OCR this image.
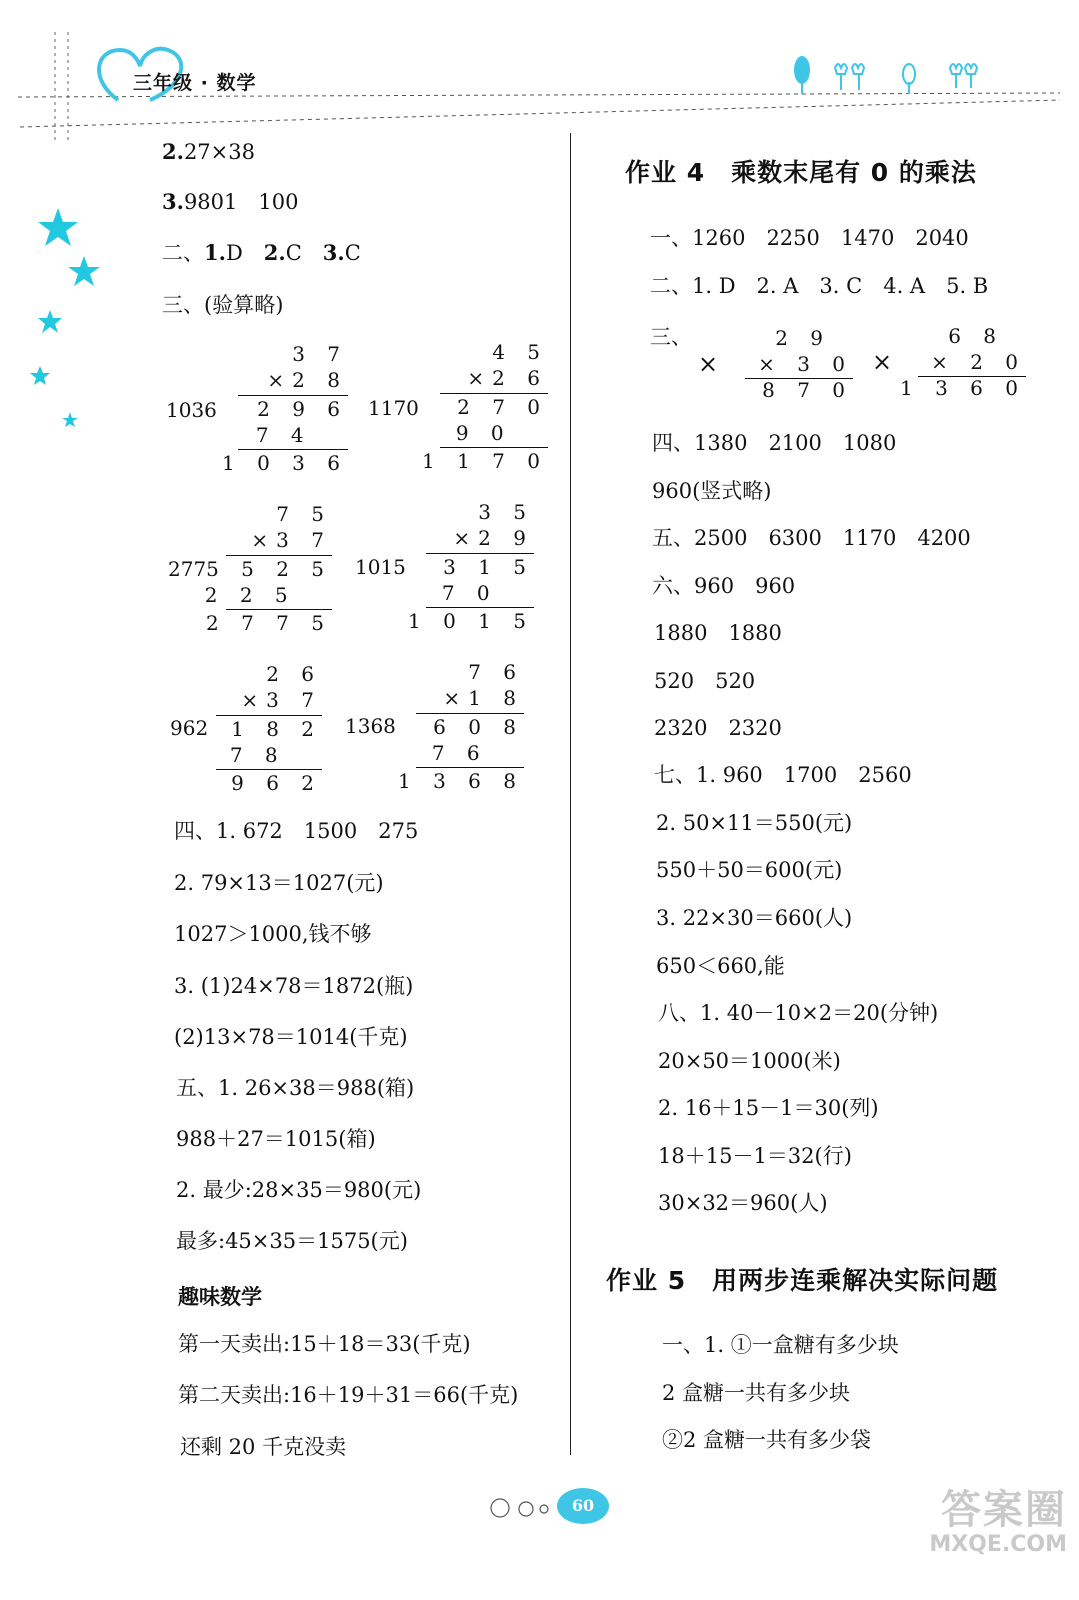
三年级 · 数学
2.27×38
3.9801　100
二、1.D　2.C　3.C
三、(验算略)
1036
3 7
×2 8
2 9 6
7 4
1 0 3 6
1170
4 5
×2 6
2 7 0
9 0
1 1 7 0
2775
7 5
×3 7
5 2 5
2 2 5
2 7 7 5
1015
3 5
×2 9
3 1 5
7 0
1 0 1 5
962
2 6
×3 7
1 8 2
7 8
9 6 2
1368
7 6
×1 8
6 0 8
7 6
1 3 6 8
四、1. 672　1500　275
2. 79×13＝1027(元)
1027＞1000,钱不够
3. (1)24×78＝1872(瓶)
(2)13×78＝1014(千克)
五、1. 26×38＝988(箱)
988＋27＝1015(箱)
2. 最少:28×35＝980(元)
最多:45×35＝1575(元)
趣味数学
第一天卖出:15＋18＝33(千克)
第二天卖出:16＋19＋31＝66(千克)
还剩 20 千克没卖
作业 4　乘数末尾有 0 的乘法
一、1260　2250　1470　2040
二、1. D　2. A　3. C　4. A　5. B
三、
×
2 9
× 3 0
8 7 0
×
6 8
× 2 0
1 3 6 0
四、1380　2100　1080
960(竖式略)
五、2500　6300　1170　4200
六、960　960
1880　1880
520　520
2320　2320
七、1. 960　1700　2560
2. 50×11＝550(元)
550＋50＝600(元)
3. 22×30＝660(人)
650＜660,能
八、1. 40－10×2＝20(分钟)
20×50＝1000(米)
2. 16＋15－1＝30(列)
18＋15－1＝32(行)
30×32＝960(人)
作业 5　用两步连乘解决实际问题
一、1. ①一盒糖有多少块
2 盒糖一共有多少块
②2 盒糖一共有多少袋
60	答案圈
MXQE.COM
